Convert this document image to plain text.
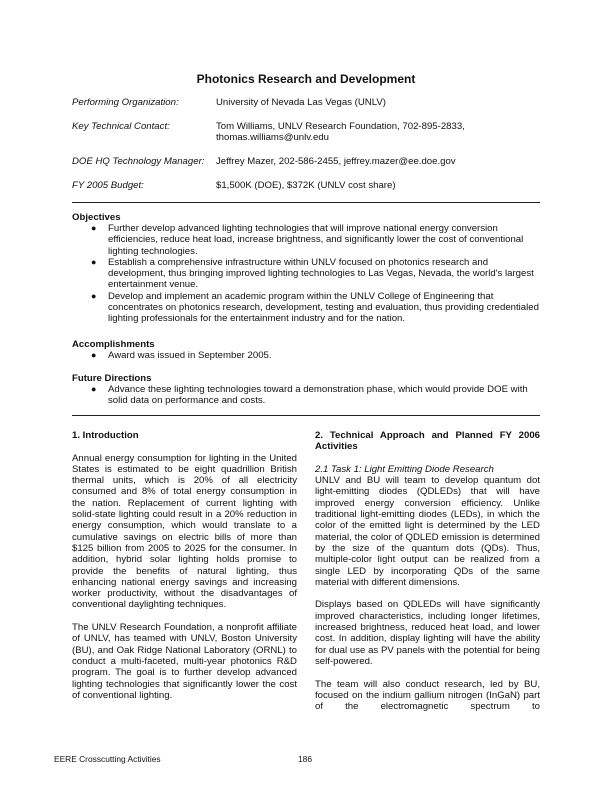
Photonics Research and Development
Performing Organization:	University of Nevada Las Vegas (UNLV)
Key Technical Contact:	Tom Williams, UNLV Research Foundation, 702-895-2833, thomas.williams@unlv.edu
DOE HQ Technology Manager: Jeffrey Mazer, 202-586-2455, jeffrey.mazer@ee.doe.gov
FY 2005 Budget:	$1,500K (DOE), $372K (UNLV cost share)
Objectives
● Further develop advanced lighting technologies that will improve national energy conversion efficiencies, reduce heat load, increase brightness, and significantly lower the cost of conventional lighting technologies.
● Establish a comprehensive infrastructure within UNLV focused on photonics research and development, thus bringing improved lighting technologies to Las Vegas, Nevada, the world's largest entertainment venue.
● Develop and implement an academic program within the UNLV College of Engineering that concentrates on photonics research, development, testing and evaluation, thus providing credentialed lighting professionals for the entertainment industry and for the nation.
Accomplishments
● Award was issued in September 2005.
Future Directions
● Advance these lighting technologies toward a demonstration phase, which would provide DOE with solid data on performance and costs.
1. Introduction

Annual energy consumption for lighting in the United States is estimated to be eight quadrillion British thermal units, which is 20% of all electricity consumed and 8% of total energy consumption in the nation. Replacement of current lighting with solid-state lighting could result in a 20% reduction in energy consumption, which would translate to a cumulative savings on electric bills of more than $125 billion from 2005 to 2025 for the consumer. In addition, hybrid solar lighting holds promise to provide the benefits of natural lighting, thus enhancing national energy savings and increasing worker productivity, without the disadvantages of conventional daylighting techniques.

The UNLV Research Foundation, a nonprofit affiliate of UNLV, has teamed with UNLV, Boston University (BU), and Oak Ridge National Laboratory (ORNL) to conduct a multi-faceted, multi-year photonics R&D program. The goal is to further develop advanced lighting technologies that significantly lower the cost of conventional lighting.

2. Technical Approach and Planned FY 2006 Activities

2.1 Task 1: Light Emitting Diode Research

UNLV and BU will team to develop quantum dot light-emitting diodes (QDLEDs) that will have improved energy conversion efficiency. Unlike traditional light-emitting diodes (LEDs), in which the color of the emitted light is determined by the LED material, the color of QDLED emission is determined by the size of the quantum dots (QDs). Thus, multiple-color light output can be realized from a single LED by incorporating QDs of the same material with different dimensions.

Displays based on QDLEDs will have significantly improved characteristics, including longer lifetimes, increased brightness, reduced heat load, and lower cost. In addition, display lighting will have the ability for dual use as PV panels with the potential for being self-powered.

The team will also conduct research, led by BU, focused on the indium gallium nitrogen (InGaN) part of the electromagnetic spectrum to

EERE Crosscutting Activities	186
